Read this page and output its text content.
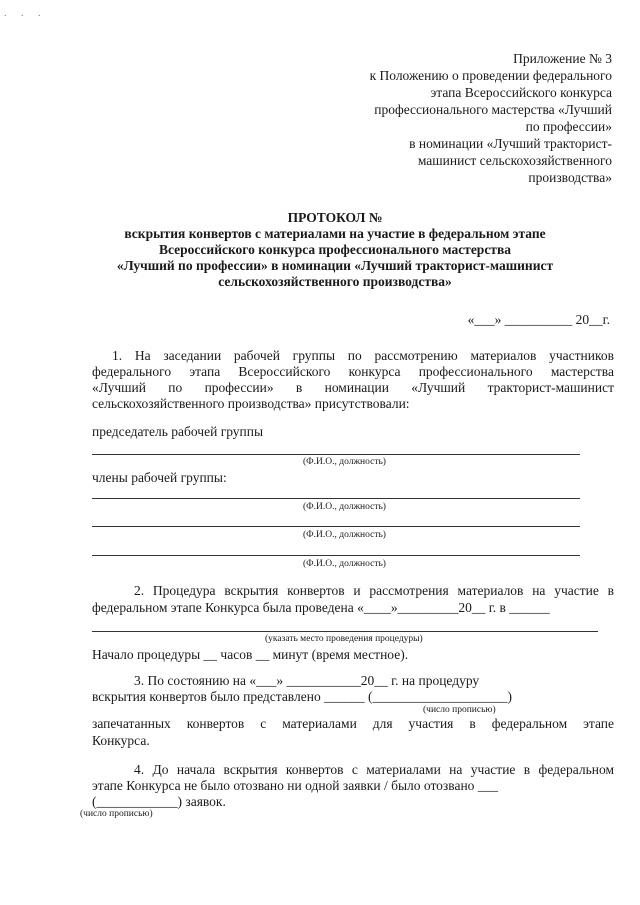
. . .
Приложение № 3
к Положению о проведении федерального
этапа Всероссийского конкурса
профессионального мастерства «Лучший
по профессии»
в номинации «Лучший тракторист-
машинист сельскохозяйственного
производства»
ПРОТОКОЛ №
вскрытия конвертов с материалами на участие в федеральном этапе
Всероссийского конкурса профессионального мастерства
«Лучший по профессии» в номинации «Лучший тракторист-машинист
сельскохозяйственного производства»
«___» __________ 20__г.
1. На заседании рабочей группы по рассмотрению материалов участников
федерального этапа Всероссийского конкурса профессионального мастерства
«Лучший по профессии» в номинации «Лучший тракторист-машинист
сельскохозяйственного производства» присутствовали:
председатель рабочей группы
(Ф.И.О., должность)
члены рабочей группы:
(Ф.И.О., должность)
(Ф.И.О., должность)
(Ф.И.О., должность)
2. Процедура вскрытия конвертов и рассмотрения материалов на участие в
федеральном этапе Конкурса была проведена «____»_________20__ г. в ______
(указать место проведения процедуры)
Начало процедуры __ часов __ минут (время местное).
3. По состоянию на «___» ___________20__ г. на процедуру
вскрытия конвертов было представлено ______ (____________________)
(число прописью)
запечатанных конвертов с материалами для участия в федеральном этапе
Конкурса.
4. До начала вскрытия конвертов с материалами на участие в федеральном
этапе Конкурса не было отозвано ни одной заявки / было отозвано ___
(____________) заявок.
(число прописью)
